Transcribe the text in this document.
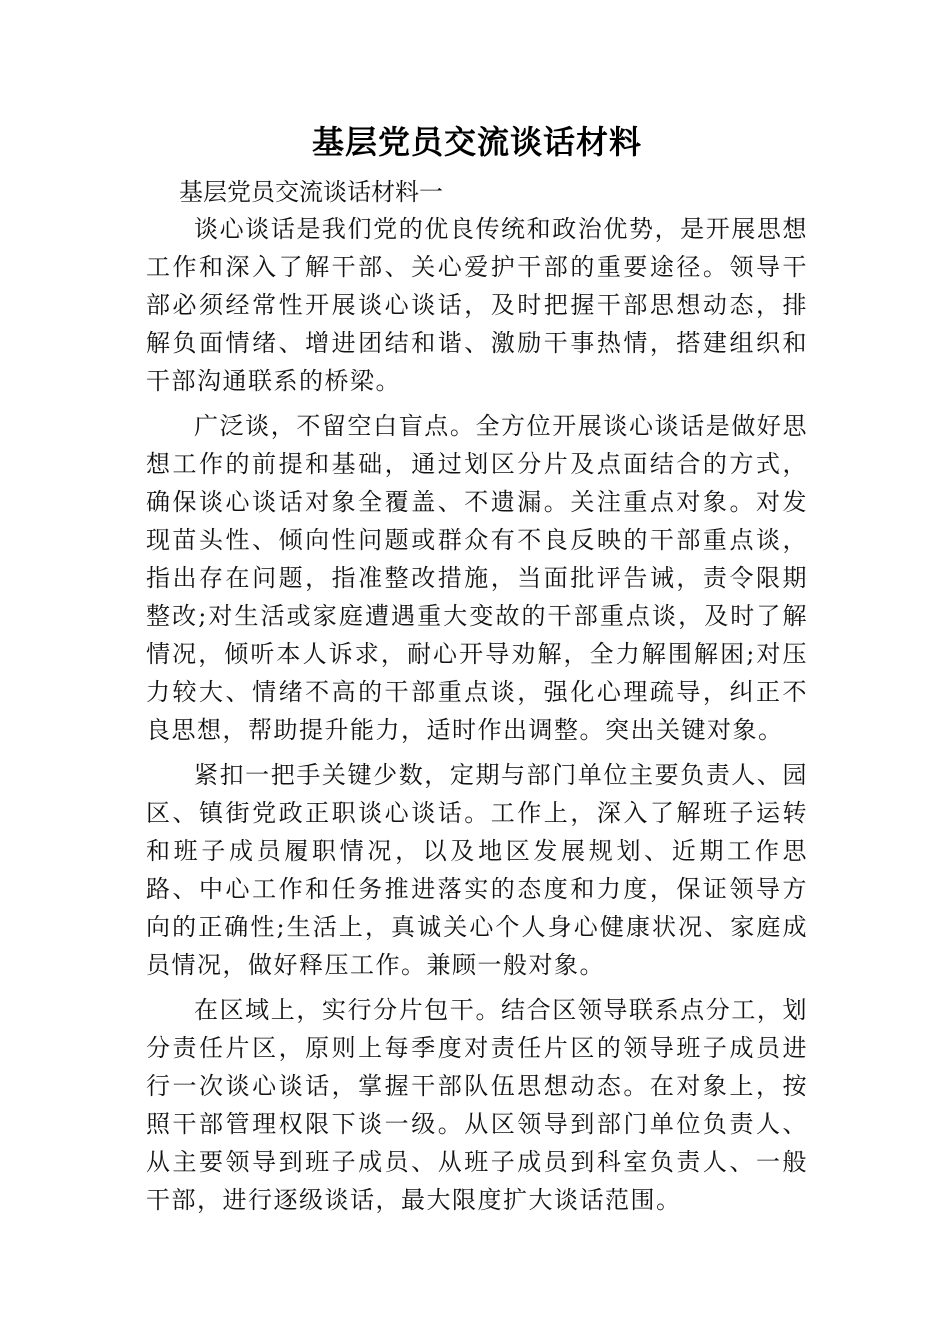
基层党员交流谈话材料

基层党员交流谈话材料一

谈心谈话是我们党的优良传统和政治优势，是开展思想工作和深入了解干部、关心爱护干部的重要途径。领导干部必须经常性开展谈心谈话，及时把握干部思想动态，排解负面情绪、增进团结和谐、激励干事热情，搭建组织和干部沟通联系的桥梁。

广泛谈，不留空白盲点。全方位开展谈心谈话是做好思想工作的前提和基础，通过划区分片及点面结合的方式，确保谈心谈话对象全覆盖、不遗漏。关注重点对象。对发现苗头性、倾向性问题或群众有不良反映的干部重点谈，指出存在问题，指准整改措施，当面批评告诫，责令限期整改;对生活或家庭遭遇重大变故的干部重点谈，及时了解情况，倾听本人诉求，耐心开导劝解，全力解围解困;对压力较大、情绪不高的干部重点谈，强化心理疏导，纠正不良思想，帮助提升能力，适时作出调整。突出关键对象。

紧扣一把手关键少数，定期与部门单位主要负责人、园区、镇街党政正职谈心谈话。工作上，深入了解班子运转和班子成员履职情况，以及地区发展规划、近期工作思路、中心工作和任务推进落实的态度和力度，保证领导方向的正确性;生活上，真诚关心个人身心健康状况、家庭成员情况，做好释压工作。兼顾一般对象。

在区域上，实行分片包干。结合区领导联系点分工，划分责任片区，原则上每季度对责任片区的领导班子成员进行一次谈心谈话，掌握干部队伍思想动态。在对象上，按照干部管理权限下谈一级。从区领导到部门单位负责人、从主要领导到班子成员、从班子成员到科室负责人、一般干部，进行逐级谈话，最大限度扩大谈话范围。
